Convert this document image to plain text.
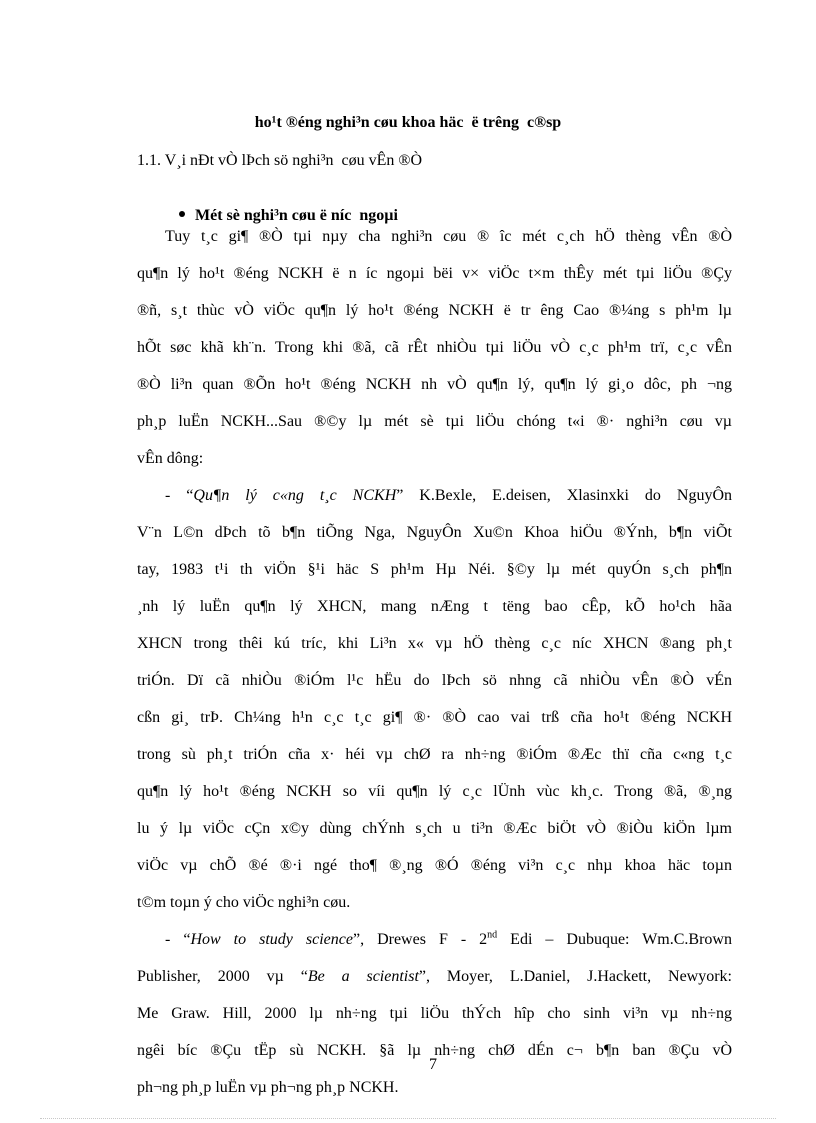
ho¹t ®éng nghi³n cøu khoa häc  ë trêng  c®sp
1.1. V¸i nÐt vÒ lÞch sö nghi³n  cøu vÊn ®Ò

Mét sè nghi³n cøu ë níc  ngoµi

Tuy t¸c gi¶ ®Ò tµi nµy cha nghi³n cøu ® îc mét c¸ch hÖ thèng vÊn ®Ò
qu¶n lý ho¹t ®éng NCKH ë n íc ngoµi bëi v× viÖc t×m thÊy mét tµi liÖu ®Çy
®ñ, s¸t thùc vÒ viÖc qu¶n lý ho¹t ®éng NCKH ë tr êng Cao ®¼ng s ph¹m lµ
hÕt søc khã kh¨n. Trong khi ®ã, cã rÊt nhiÒu tµi liÖu vÒ c¸c ph¹m trï, c¸c vÊn
®Ò li³n quan ®Õn ho¹t ®éng NCKH nh vÒ qu¶n lý, qu¶n lý gi¸o dôc, ph ¬ng
ph¸p luËn NCKH...Sau ®©y lµ mét sè tµi liÖu chóng t«i ®· nghi³n cøu vµ
vÊn dông:
- “Qu¶n lý c«ng t¸c NCKH” K.Bexle, E.deisen, Xlasinxki do NguyÔn
V¨n L©n dÞch tõ b¶n tiÕng Nga, NguyÔn Xu©n Khoa hiÖu ®Ýnh, b¶n viÕt
tay, 1983 t¹i th viÖn §¹i häc S ph¹m Hµ Néi. §©y lµ mét quyÓn s¸ch ph¶n
¸nh lý luËn qu¶n lý XHCN, mang nÆng t tëng bao cÊp, kÕ ho¹ch hãa
XHCN trong thêi kú tríc, khi Li³n x« vµ hÖ thèng c¸c níc XHCN ®ang ph¸t
triÓn. Dï cã nhiÒu ®iÓm l¹c hËu do lÞch sö nhng cã nhiÒu vÊn ®Ò vÉn
cßn gi¸ trÞ. Ch¼ng h¹n c¸c t¸c gi¶ ®· ®Ò cao vai trß cña ho¹t ®éng NCKH
trong sù ph¸t triÓn cña x· héi vµ chØ ra nh÷ng ®iÓm ®Æc thï cña c«ng t¸c
qu¶n lý ho¹t ®éng NCKH so víi qu¶n lý c¸c lÜnh vùc kh¸c. Trong ®ã, ®¸ng
lu ý lµ viÖc cÇn x©y dùng chÝnh s¸ch u ti³n ®Æc biÖt vÒ ®iÒu kiÖn lµm
viÖc vµ chÕ ®é ®·i ngé tho¶ ®¸ng ®Ó ®éng vi³n c¸c nhµ khoa häc toµn
t©m toµn ý cho viÖc nghi³n cøu.
- “How to study science”, Drewes F - 2nd Edi – Dubuque: Wm.C.Brown
Publisher, 2000 vµ “Be a scientist”, Moyer, L.Daniel, J.Hackett, Newyork:
Me Graw. Hill, 2000 lµ nh÷ng tµi liÖu thÝch hîp cho sinh vi³n vµ nh÷ng
ngêi bíc ®Çu tËp sù NCKH. §ã lµ nh÷ng chØ dÉn c¬ b¶n ban ®Çu vÒ
ph¬ng ph¸p luËn vµ ph¬ng ph¸p NCKH.
7
